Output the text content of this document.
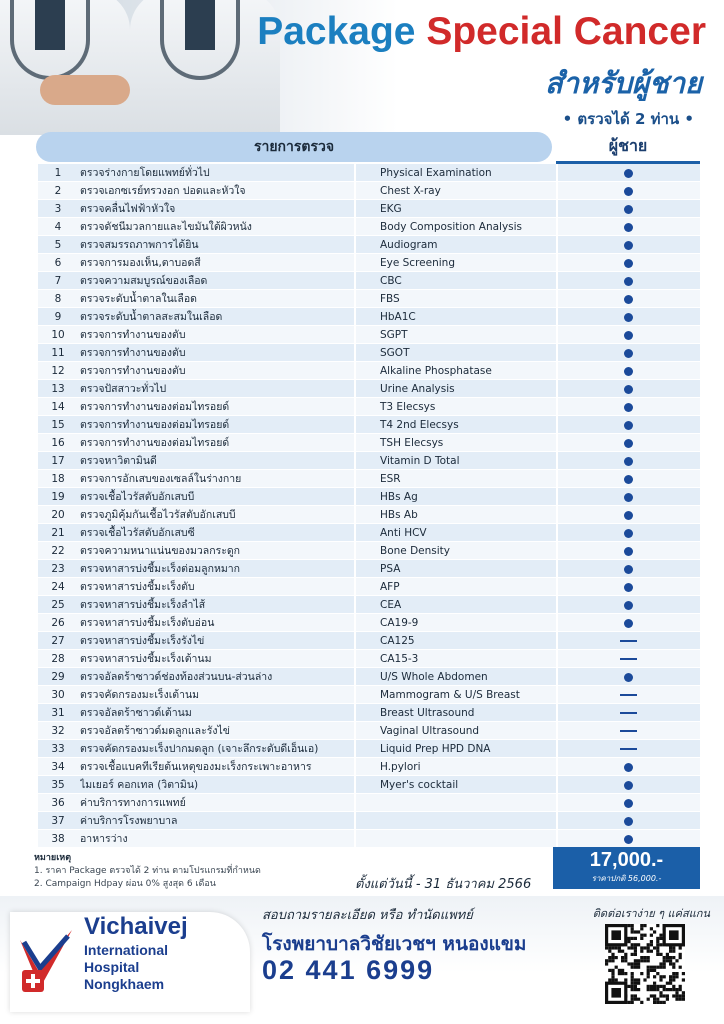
Package Special Cancer
สำหรับผู้ชาย
• ตรวจได้ 2 ท่าน •
รายการตรวจ	ผู้ชาย
1	ตรวจร่างกายโดยแพทย์ทั่วไป	Physical Examination
2	ตรวจเอกซเรย์ทรวงอก ปอดและหัวใจ	Chest X-ray
3	ตรวจคลื่นไฟฟ้าหัวใจ	EKG
4	ตรวจดัชนีมวลกายและไขมันใต้ผิวหนัง	Body Composition Analysis
5	ตรวจสมรรถภาพการได้ยิน	Audiogram
6	ตรวจการมองเห็น,ตาบอดสี	Eye Screening
7	ตรวจความสมบูรณ์ของเลือด	CBC
8	ตรวจระดับน้ำตาลในเลือด	FBS
9	ตรวจระดับน้ำตาลสะสมในเลือด	HbA1C
10	ตรวจการทำงานของตับ	SGPT
11	ตรวจการทำงานของตับ	SGOT
12	ตรวจการทำงานของตับ	Alkaline Phosphatase
13	ตรวจปัสสาวะทั่วไป	Urine Analysis
14	ตรวจการทำงานของต่อมไทรอยด์	T3 Elecsys
15	ตรวจการทำงานของต่อมไทรอยด์	T4 2nd Elecsys
16	ตรวจการทำงานของต่อมไทรอยด์	TSH Elecsys
17	ตรวจหาวิตามินดี	Vitamin D Total
18	ตรวจการอักเสบของเซลล์ในร่างกาย	ESR
19	ตรวจเชื้อไวรัสตับอักเสบบี	HBs Ag
20	ตรวจภูมิคุ้มกันเชื้อไวรัสตับอักเสบบี	HBs Ab
21	ตรวจเชื้อไวรัสตับอักเสบซี	Anti HCV
22	ตรวจความหนาแน่นของมวลกระดูก	Bone Density
23	ตรวจหาสารบ่งชี้มะเร็งต่อมลูกหมาก	PSA
24	ตรวจหาสารบ่งชี้มะเร็งตับ	AFP
25	ตรวจหาสารบ่งชี้มะเร็งลำไส้	CEA
26	ตรวจหาสารบ่งชี้มะเร็งตับอ่อน	CA19-9
27	ตรวจหาสารบ่งชี้มะเร็งรังไข่	CA125
28	ตรวจหาสารบ่งชี้มะเร็งเต้านม	CA15-3
29	ตรวจอัลตร้าซาวด์ช่องท้องส่วนบน-ส่วนล่าง	U/S Whole Abdomen
30	ตรวจคัดกรองมะเร็งเต้านม	Mammogram & U/S Breast
31	ตรวจอัลตร้าซาวด์เต้านม	Breast Ultrasound
32	ตรวจอัลตร้าซาวด์มดลูกและรังไข่	Vaginal Ultrasound
33	ตรวจคัดกรองมะเร็งปากมดลูก (เจาะลึกระดับดีเอ็นเอ)	Liquid Prep HPD DNA
34	ตรวจเชื้อแบคทีเรียต้นเหตุของมะเร็งกระเพาะอาหาร	H.pylori
35	ไมเยอร์ คอกเทล (วิตามิน)	Myer's cocktail
36	ค่าบริการทางการแพทย์
37	ค่าบริการโรงพยาบาล
38	อาหารว่าง
หมายเหตุ
1. ราคา Package ตรวจได้ 2 ท่าน ตามโปรแกรมที่กำหนด
2. Campaign Hdpay ผ่อน 0% สูงสุด 6 เดือน	ตั้งแต่วันนี้ - 31 ธันวาคม 2566
17,000.-
ราคาปกติ 56,000.-
Vichaivej
International
Hospital
Nongkhaem
สอบถามรายละเอียด หรือ ทำนัดแพทย์
โรงพยาบาลวิชัยเวชฯ หนองแขม
02 441 6999
ติดต่อเราง่าย ๆ แค่สแกน
